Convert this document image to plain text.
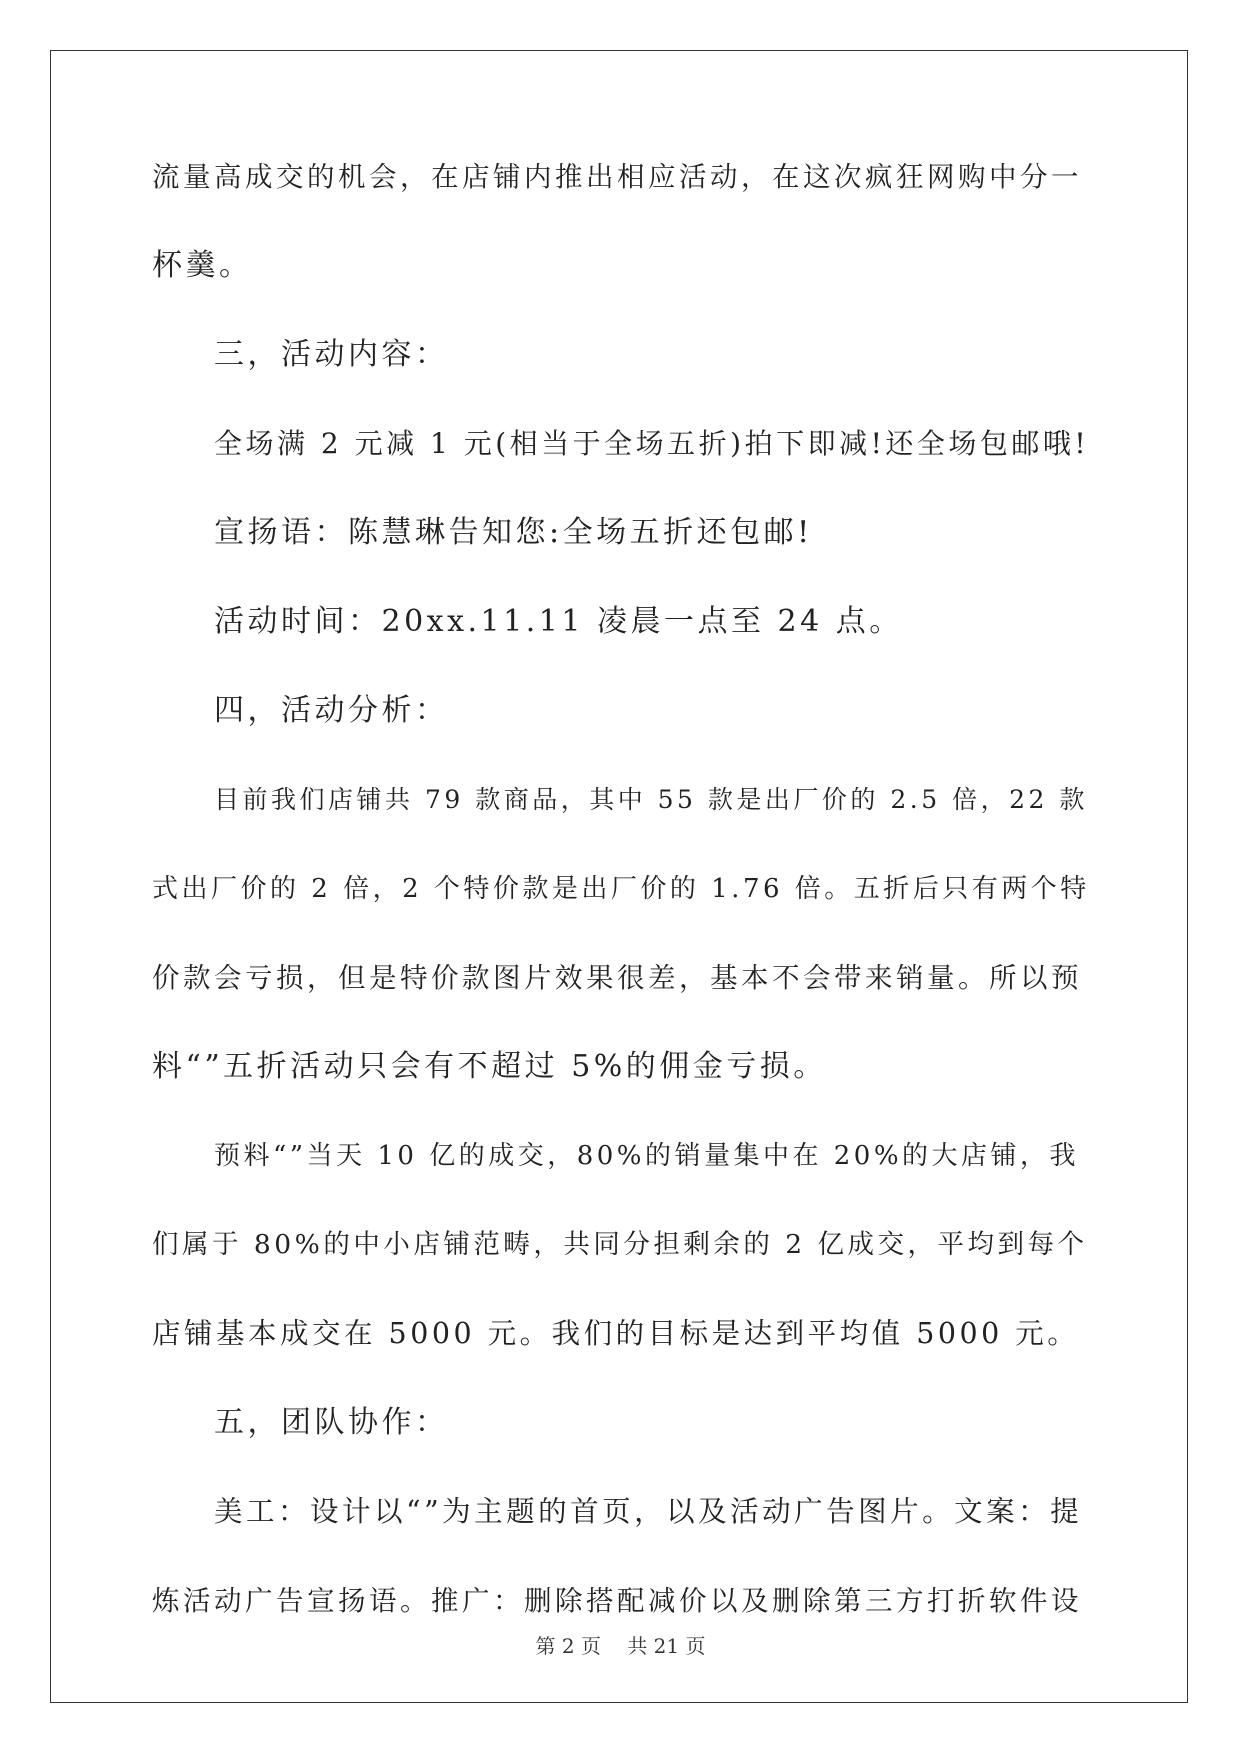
流量高成交的机会，在店铺内推出相应活动，在这次疯狂网购中分一
杯羹。
三，活动内容：
全场满 2 元减 1 元(相当于全场五折)拍下即减!还全场包邮哦!
宣扬语：陈慧琳告知您:全场五折还包邮!
活动时间：20xx.11.11 凌晨一点至 24 点。
四，活动分析：
目前我们店铺共 79 款商品，其中 55 款是出厂价的 2.5 倍，22 款
式出厂价的 2 倍，2 个特价款是出厂价的 1.76 倍。五折后只有两个特
价款会亏损，但是特价款图片效果很差，基本不会带来销量。所以预
料“”五折活动只会有不超过 5%的佣金亏损。
预料“”当天 10 亿的成交，80%的销量集中在 20%的大店铺，我
们属于 80%的中小店铺范畴，共同分担剩余的 2 亿成交，平均到每个
店铺基本成交在 5000 元。我们的目标是达到平均值 5000 元。
五，团队协作：
美工：设计以“”为主题的首页，以及活动广告图片。文案：提
炼活动广告宣扬语。推广：删除搭配减价以及删除第三方打折软件设
第 2 页 共 21 页
